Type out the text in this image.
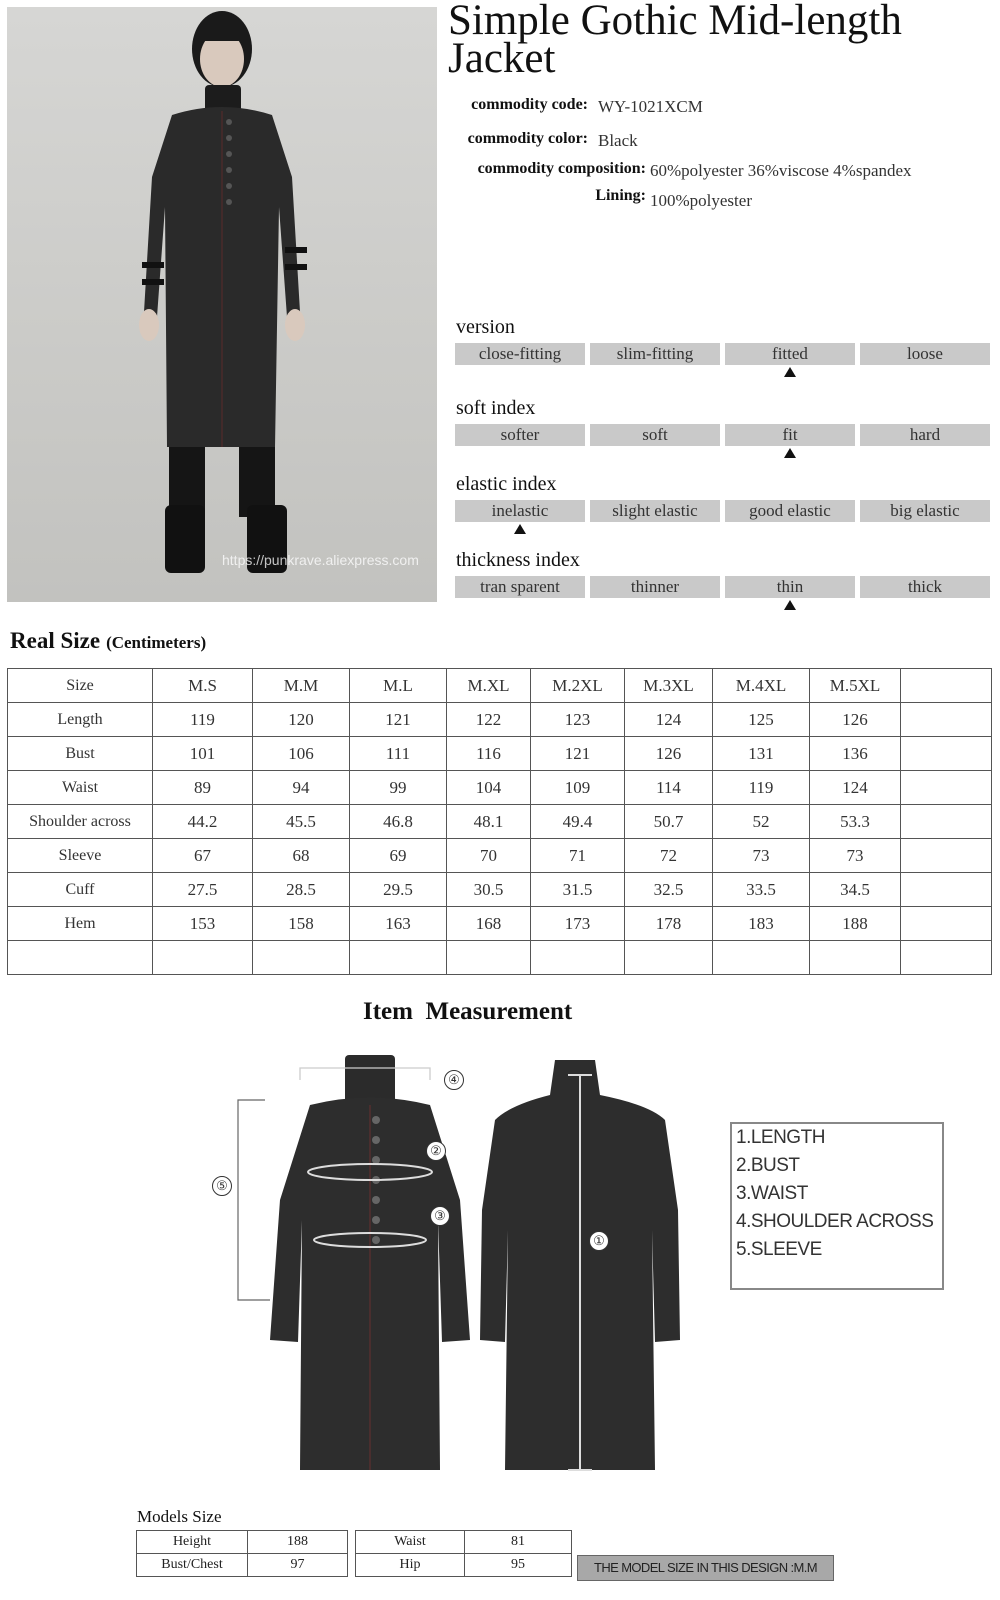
https://punkrave.aliexpress.com
Simple Gothic Mid-length Jacket
commodity code: WY-1021XCM
commodity color: Black
commodity composition: 60%polyester 36%viscose 4%spandex
Lining: 100%polyester
version
close-fitting	slim-fitting	fitted	loose
soft index
softer	soft	fit	hard
elastic index
inelastic	slight elastic	good elastic	big elastic
thickness index
tran sparent	thinner	thin	thick
Real Size (Centimeters)
Size	M.S	M.M	M.L	M.XL	M.2XL	M.3XL	M.4XL	M.5XL	
Length	119	120	121	122	123	124	125	126	
Bust	101	106	111	116	121	126	131	136	
Waist	89	94	99	104	109	114	119	124	
Shoulder across	44.2	45.5	46.8	48.1	49.4	50.7	52	53.3	
Sleeve	67	68	69	70	71	72	73	73	
Cuff	27.5	28.5	29.5	30.5	31.5	32.5	33.5	34.5	
Hem	153	158	163	168	173	178	183	188	

Item  Measurement
①
②
③
④
⑤
1.LENGTH
2.BUST
3.WAIST
4.SHOULDER ACROSS
5.SLEEVE
Models Size
Height	188
Bust/Chest	97
Waist	81
Hip	95	THE MODEL SIZE IN THIS DESIGN :M.M
